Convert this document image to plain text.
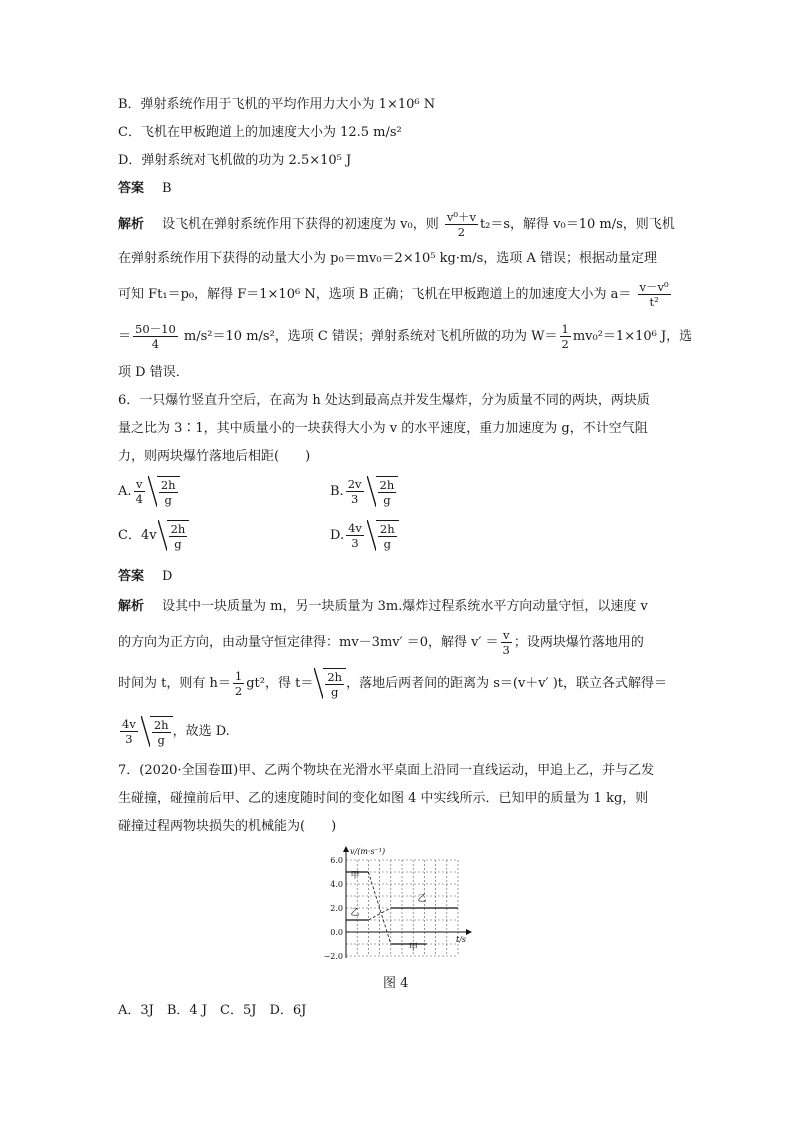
B．弹射系统作用于飞机的平均作用力大小为 1×10⁶ N
C．飞机在甲板跑道上的加速度大小为 12.5 m/s²
D．弹射系统对飞机做的功为 2.5×10⁵ J
答案 B
解析 设飞机在弹射系统作用下获得的初速度为 v₀，则 $\frac{\text{v⁰＋v}}{2} t_2=s$，解得 v₀＝10 m/s，则飞机
在弹射系统作用下获得的动量大小为 p₀＝mv₀＝2×10⁵ kg·m/s，选项 A 错误；根据动量定理
可知 Ft₁＝p₀，解得 F＝1×10⁶ N，选项 B 正确；飞机在甲板跑道上的加速度大小为 $a= \frac{\text{v－v⁰}}{\text{t²}}$
＝ $\frac{50-10}{4} m/s^2=10$ m/s²，选项 C 错误；弹射系统对飞机所做的功为 $W= \frac{1}{2} mv_0^2=1\times 10^6$ J，选
项 D 错误．
6．一只爆竹竖直升空后，在高为 h 处达到最高点并发生爆炸，分为质量不同的两块，两块质
量之比为 3∶1，其中质量小的一块获得大小为 v 的水平速度，重力加速度为 g，不计空气阻
力，则两块爆竹落地后相距(　　)
A. $\frac{v}{4} \frac{2h}{g}$	B. $\frac{2v}{3} \frac{2h}{g}$
C．$4v \frac{2h}{g}$	D. $\frac{4v}{3} \frac{2h}{g}$
答案 D
解析 设其中一块质量为 m，另一块质量为 3m.爆炸过程系统水平方向动量守恒，以速度 v
的方向为正方向，由动量守恒定律得：mv－3mv′ ＝0，解得 $v' = \frac{v}{3}$ ；设两块爆竹落地用的
时间为 t，则有 $h= \frac{1}{2} gt^2$，得 $t= \frac{2h}{g}$ ，落地后两者间的距离为 s＝(v＋v′ )t，联立各式解得＝
$\frac{4v}{3} \frac{2h}{g}$ ，故选 D.
7．(2020·全国卷Ⅲ)甲、乙两个物块在光滑水平桌面上沿同一直线运动，甲追上乙，并与乙发
生碰撞，碰撞前后甲、乙的速度随时间的变化如图 4 中实线所示．已知甲的质量为 1 kg，则
碰撞过程两物块损失的机械能为(　　)
v/(m·s⁻¹)
t/s
6.0
4.0
2.0
0.0
−2.0
甲
乙
乙
甲
图 4
A．3J　B．4 J　C．5J　D．6J
